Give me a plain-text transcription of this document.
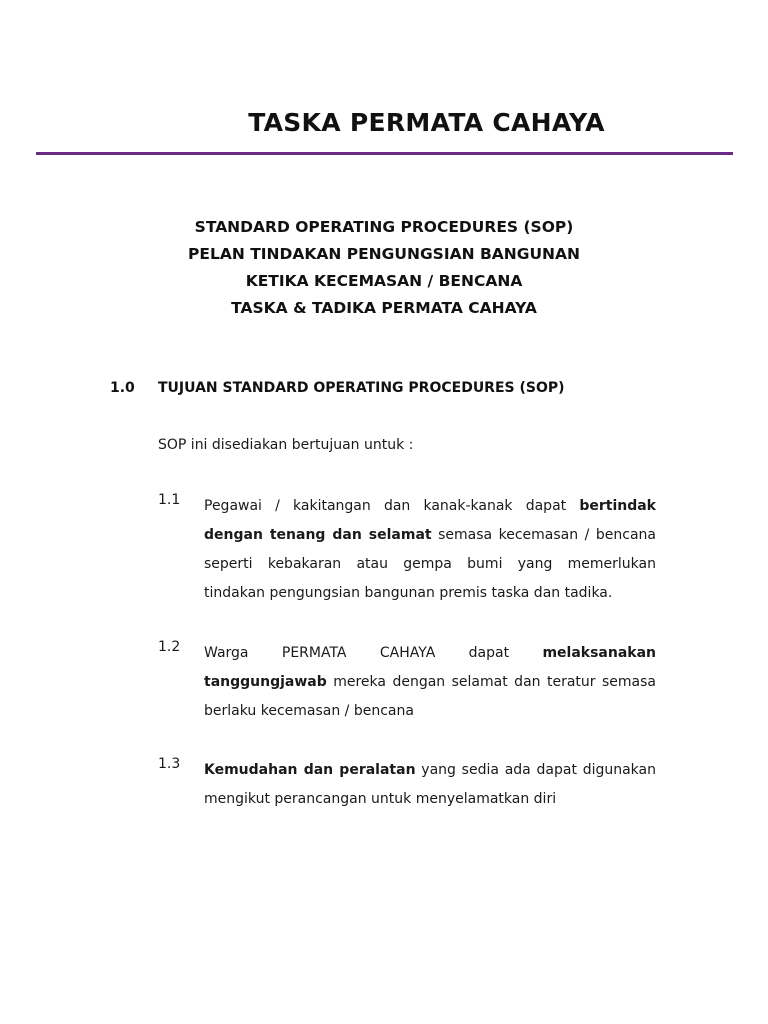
TASKA PERMATA CAHAYA
STANDARD OPERATING PROCEDURES (SOP)
PELAN TINDAKAN PENGUNGSIAN BANGUNAN
KETIKA KECEMASAN / BENCANA
TASKA & TADIKA PERMATA CAHAYA
1.0 TUJUAN STANDARD OPERATING PROCEDURES (SOP)
SOP ini disediakan bertujuan untuk :
1.1	Pegawai / kakitangan dan kanak-kanak dapat bertindak dengan tenang dan selamat semasa kecemasan / bencana seperti kebakaran atau gempa bumi yang memerlukan tindakan pengungsian bangunan premis taska dan tadika.
1.2	Warga PERMATA CAHAYA dapat melaksanakan tanggungjawab mereka dengan selamat dan teratur semasa berlaku kecemasan / bencana
1.3	Kemudahan dan peralatan yang sedia ada dapat digunakan mengikut perancangan untuk menyelamatkan diri
